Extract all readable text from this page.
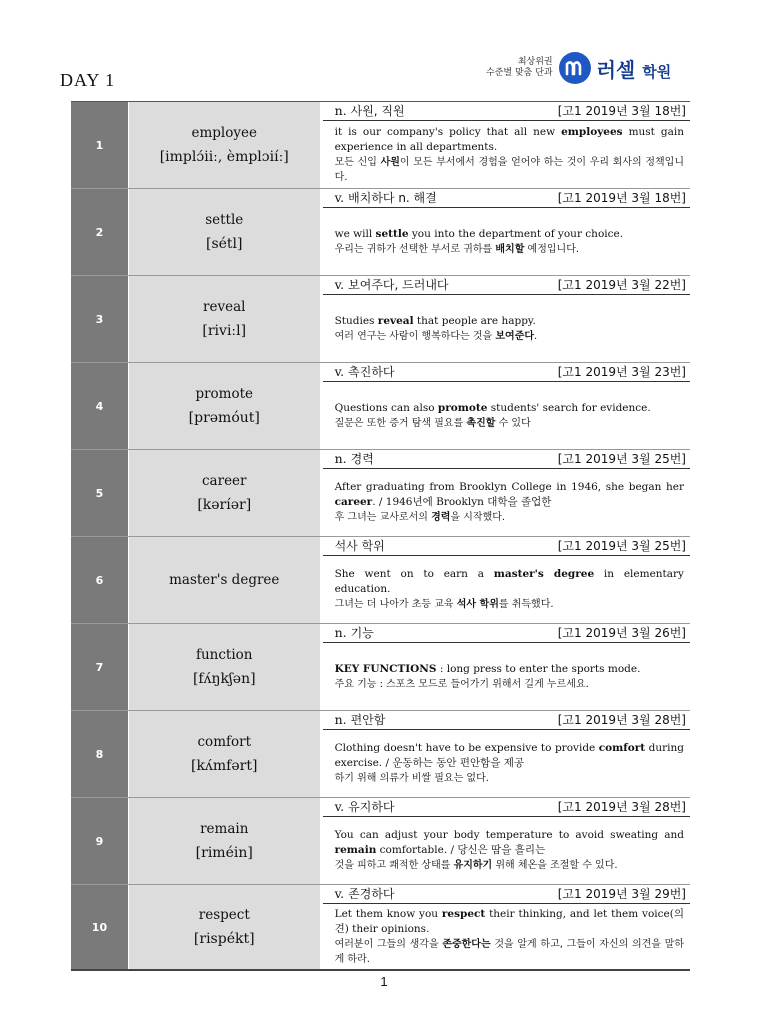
DAY 1
최상위권
수준별 맞춤 단과 러셀 학원
1
employee
[implɔ́iiː, èmplɔiíː]
n. 사원, 직원	[고1 2019년 3월 18번]
it is our company's policy that all new employees must gain experience in all departments.
모든 신입 사원이 모든 부서에서 경험을 얻어야 하는 것이 우리 회사의 정책입니다.
2
settle
[sétl]
v. 배치하다 n. 해결	[고1 2019년 3월 18번]
we will settle you into the department of your choice.
우리는 귀하가 선택한 부서로 귀하를 배치할 예정입니다.
3
reveal
[riviːl]
v. 보여주다, 드러내다	[고1 2019년 3월 22번]
Studies reveal that people are happy.
여러 연구는 사람이 행복하다는 것을 보여준다.
4
promote
[prəmóut]
v. 촉진하다	[고1 2019년 3월 23번]
Questions can also promote students' search for evidence.
질문은 또한 증거 탐색 필요를 촉진할 수 있다
5
career
[kəríər]
n. 경력	[고1 2019년 3월 25번]
After graduating from Brooklyn College in 1946, she began her career. / 1946년에 Brooklyn 대학을 졸업한
후 그녀는 교사로서의 경력을 시작했다.
6	master's degree
석사 학위	[고1 2019년 3월 25번]
She went on to earn a master's degree in elementary education.
그녀는 더 나아가 초등 교육 석사 학위를 취득했다.
7
function
[fʌ́ŋkʃən]
n. 기능	[고1 2019년 3월 26번]
KEY FUNCTIONS : long press to enter the sports mode.
주요 기능 : 스포츠 모드로 들어가기 위해서 길게 누르세요.
8
comfort
[kʌ́mfərt]
n. 편안함	[고1 2019년 3월 28번]
Clothing doesn't have to be expensive to provide comfort during exercise. / 운동하는 동안 편안함을 제공
하기 위해 의류가 비쌀 필요는 없다.
9
remain
[riméin]
v. 유지하다	[고1 2019년 3월 28번]
You can adjust your body temperature to avoid sweating and remain comfortable. / 당신은 땀을 흘리는
것을 피하고 쾌적한 상태를 유지하기 위해 체온을 조절할 수 있다.
10
respect
[rispékt]
v. 존경하다	[고1 2019년 3월 29번]
Let them know you respect their thinking, and let them voice(의견) their opinions.
여러분이 그들의 생각을 존중한다는 것을 알게 하고, 그들이 자신의 의견을 말하게 하라.
1
